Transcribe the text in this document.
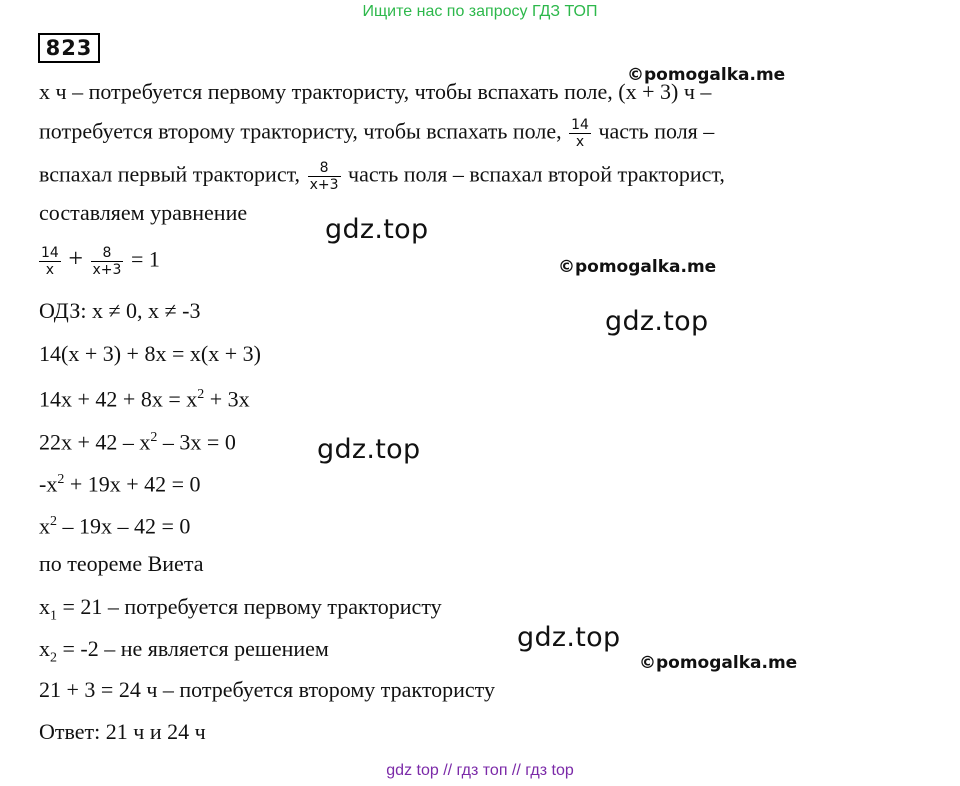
Ищите нас по запросу ГДЗ ТОП
823
x ч – потребуется первому трактористу, чтобы вспахать поле, (x + 3) ч –
потребуется второму трактористу, чтобы вспахать поле, $\frac{14}{x}$ часть поля –
вспахал первый тракторист, $\frac{8}{x+3}$ часть поля – вспахал второй тракторист,
составляем уравнение
$\frac{14}{x} + \frac{8}{x+3} = 1$
ОДЗ: x ≠ 0, x ≠ -3
14(x + 3) + 8x = x(x + 3)
$14x + 42 + 8x = x^2 + 3x$
$22x + 42 - x^2 - 3x = 0$
$-x^2 + 19x + 42 = 0$
$x^2 - 19x - 42 = 0$
по теореме Виета
$x_1 = 21$ – потребуется первому трактористу
$x_2 = -2$ – не является решением
21 + 3 = 24 ч – потребуется второму трактористу
Ответ: 21 ч и 24 ч
©pomogalka.me
gdz.top
©pomogalka.me
gdz.top
gdz.top
gdz.top
©pomogalka.me
gdz top // гдз топ // гдз top
